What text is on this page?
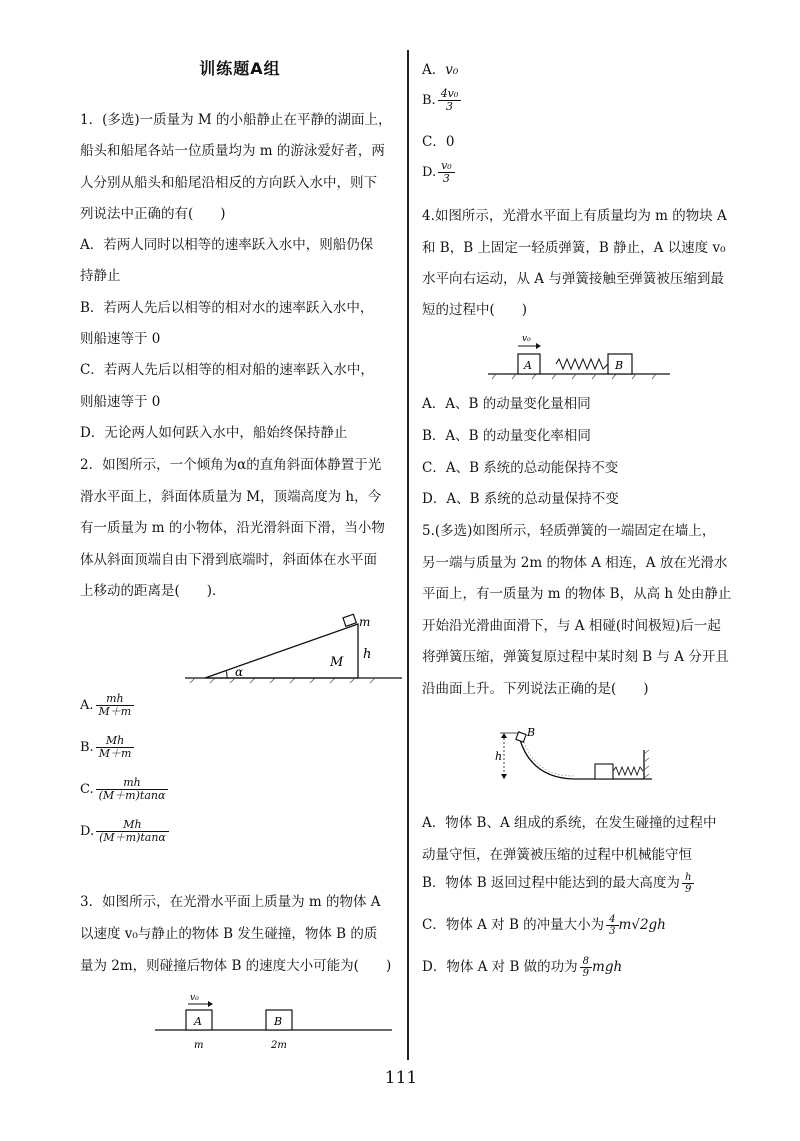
训练题A组
1．(多选)一质量为 M 的小船静止在平静的湖面上，
船头和船尾各站一位质量均为 m 的游泳爱好者，两
人分别从船头和船尾沿相反的方向跃入水中，则下
列说法中正确的有(　　)
A．若两人同时以相等的速率跃入水中，则船仍保
持静止
B．若两人先后以相等的相对水的速率跃入水中，
则船速等于 0
C．若两人先后以相等的相对船的速率跃入水中，
则船速等于 0
D．无论两人如何跃入水中，船始终保持静止
2．如图所示，一个倾角为α的直角斜面体静置于光
滑水平面上，斜面体质量为 M，顶端高度为 h，今
有一质量为 m 的小物体，沿光滑斜面下滑，当小物
体从斜面顶端自由下滑到底端时，斜面体在水平面
上移动的距离是(　　)．
α
M
h
m
A. $\frac{mh}{M+m}$
B. $\frac{Mh}{M+m}$
C. $\frac{mh}{(M+m)\tan\alpha}$
D. $\frac{Mh}{(M+m)\tan\alpha}$
3．如图所示，在光滑水平面上质量为 m 的物体 A
以速度 v₀与静止的物体 B 发生碰撞，物体 B 的质
量为 2m，则碰撞后物体 B 的速度大小可能为(　　)
v₀
A	B
m	2m
A．v₀
B. $\frac{\text{4v₀}}{3}$
C．0
D. $\frac{\text{v₀}}{3}$
4.如图所示，光滑水平面上有质量均为 m 的物块 A
和 B，B 上固定一轻质弹簧，B 静止，A 以速度 v₀
水平向右运动，从 A 与弹簧接触至弹簧被压缩到最
短的过程中(　　)
v₀
A	B
A．A、B 的动量变化量相同
B．A、B 的动量变化率相同
C．A、B 系统的总动能保持不变
D．A、B 系统的总动量保持不变
5.(多选)如图所示，轻质弹簧的一端固定在墙上，
另一端与质量为 2m 的物体 A 相连，A 放在光滑水
平面上，有一质量为 m 的物体 B，从高 h 处由静止
开始沿光滑曲面滑下，与 A 相碰(时间极短)后一起
将弹簧压缩，弹簧复原过程中某时刻 B 与 A 分开且
沿曲面上升。下列说法正确的是(　　)
h
B
A．物体 B、A 组成的系统，在发生碰撞的过程中
动量守恒，在弹簧被压缩的过程中机械能守恒
B．物体 B 返回过程中能达到的最大高度为 $\frac{h}{9}$
C．物体 A 对 B 的冲量大小为 $\frac{4}{3} m√2gh$
D．物体 A 对 B 做的功为 $\frac{8}{9}$ mgh
111
